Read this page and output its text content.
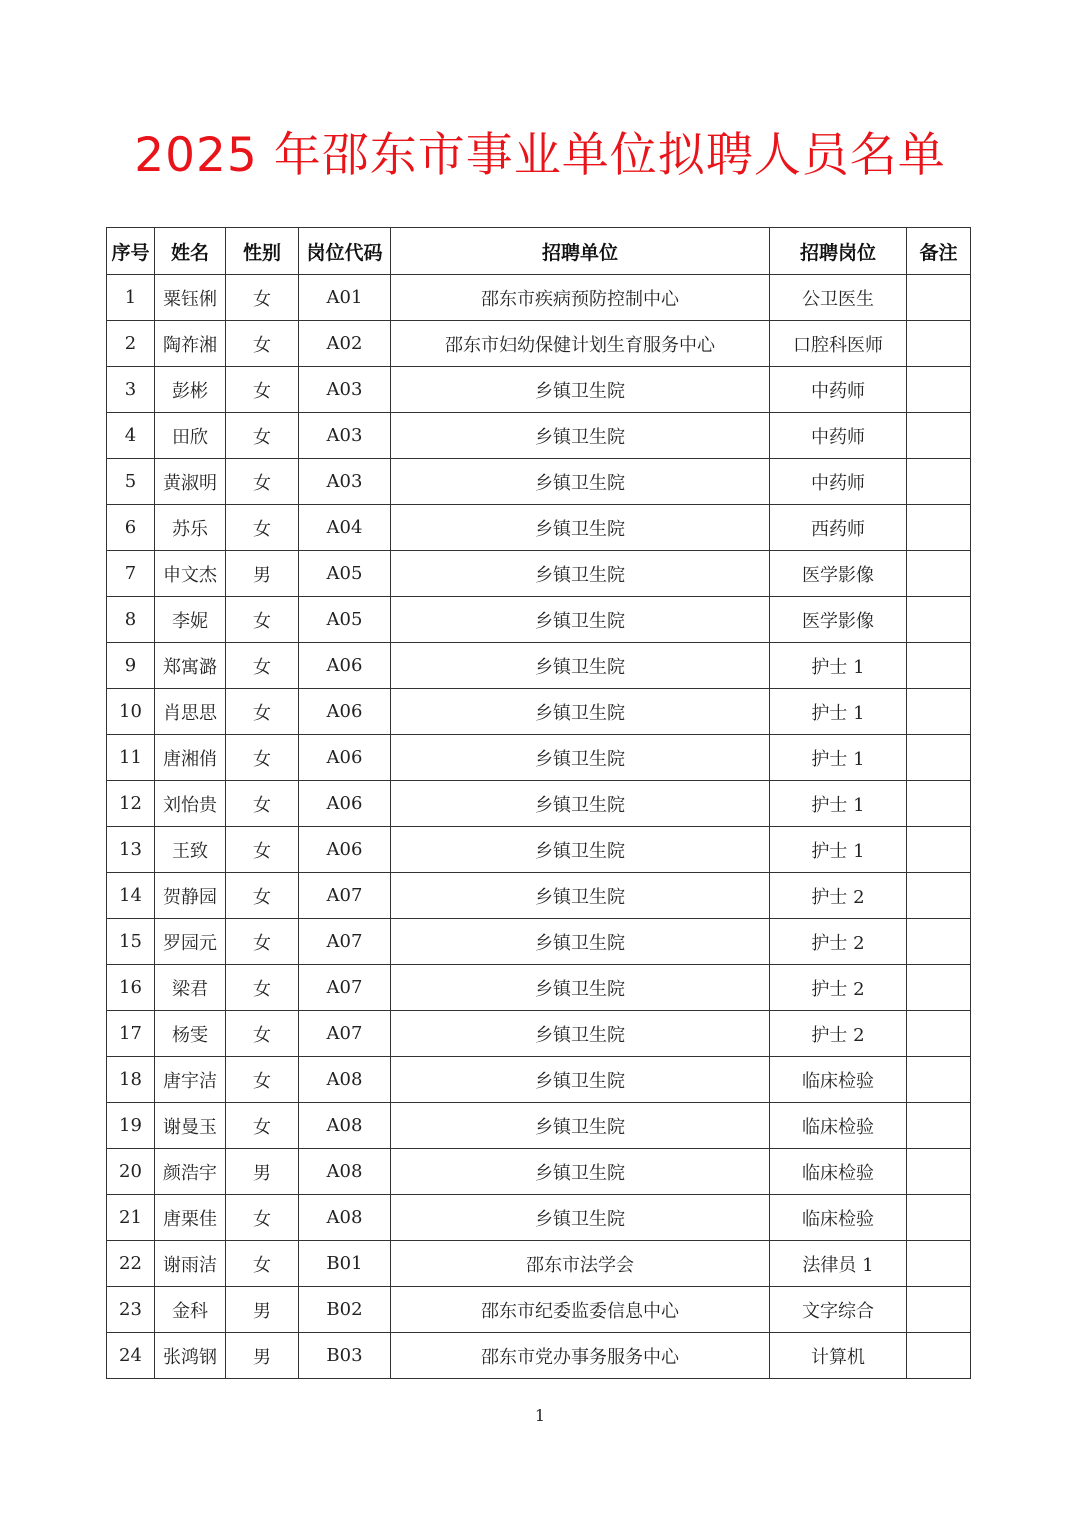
2025 年邵东市事业单位拟聘人员名单
序号	姓名	性别	岗位代码	招聘单位	招聘岗位	备注
1	粟钰俐	女	A01	邵东市疾病预防控制中心	公卫医生	
2	陶祚湘	女	A02	邵东市妇幼保健计划生育服务中心	口腔科医师	
3	彭彬	女	A03	乡镇卫生院	中药师	
4	田欣	女	A03	乡镇卫生院	中药师	
5	黄淑明	女	A03	乡镇卫生院	中药师	
6	苏乐	女	A04	乡镇卫生院	西药师	
7	申文杰	男	A05	乡镇卫生院	医学影像	
8	李妮	女	A05	乡镇卫生院	医学影像	
9	郑寓潞	女	A06	乡镇卫生院	护士 1	
10	肖思思	女	A06	乡镇卫生院	护士 1	
11	唐湘俏	女	A06	乡镇卫生院	护士 1	
12	刘怡贵	女	A06	乡镇卫生院	护士 1	
13	王致	女	A06	乡镇卫生院	护士 1	
14	贺静园	女	A07	乡镇卫生院	护士 2	
15	罗园元	女	A07	乡镇卫生院	护士 2	
16	梁君	女	A07	乡镇卫生院	护士 2	
17	杨雯	女	A07	乡镇卫生院	护士 2	
18	唐宇洁	女	A08	乡镇卫生院	临床检验	
19	谢曼玉	女	A08	乡镇卫生院	临床检验	
20	颜浩宇	男	A08	乡镇卫生院	临床检验	
21	唐栗佳	女	A08	乡镇卫生院	临床检验	
22	谢雨洁	女	B01	邵东市法学会	法律员 1	
23	金科	男	B02	邵东市纪委监委信息中心	文字综合	
24	张鸿钢	男	B03	邵东市党办事务服务中心	计算机	
1
